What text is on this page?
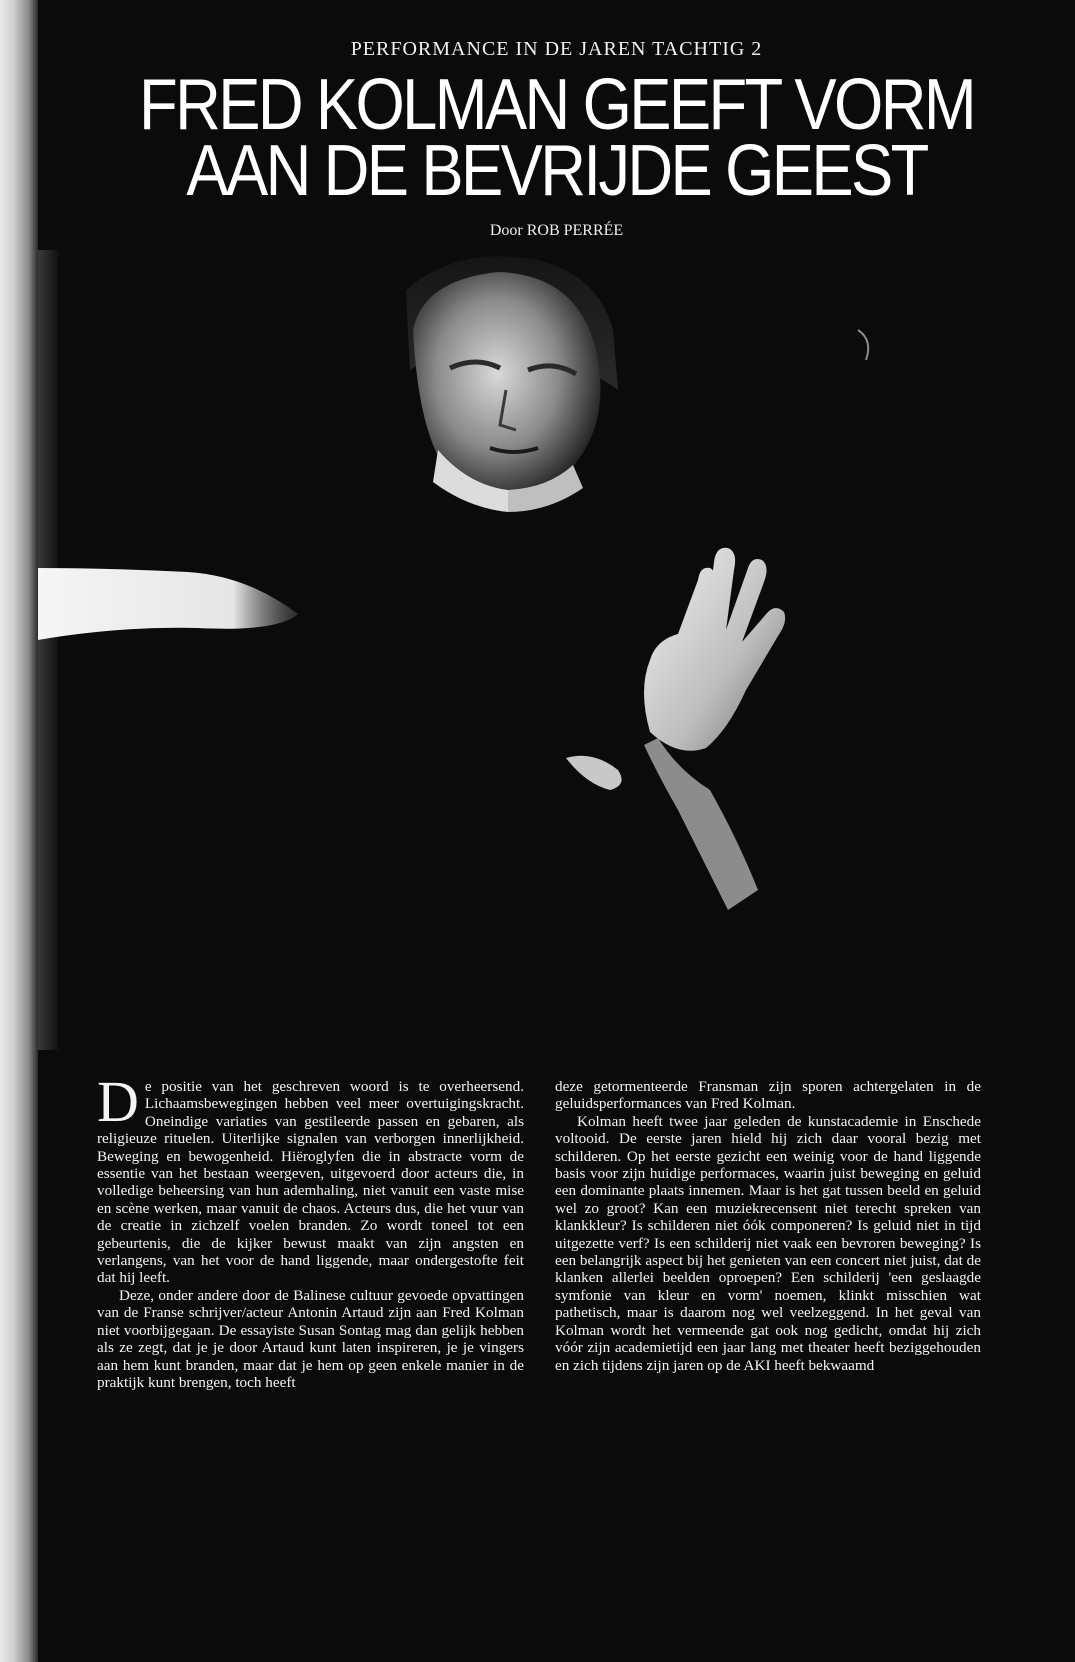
PERFORMANCE IN DE JAREN TACHTIG 2
FRED KOLMAN GEEFT VORM
AAN DE BEVRIJDE GEEST
Door ROB PERRÉE

De positie van het geschreven woord is te overheersend. Lichaamsbewegingen hebben veel meer overtuigingskracht. Oneindige variaties van gestileerde passen en gebaren, als religieuze rituelen. Uiterlijke signalen van verborgen innerlijkheid. Beweging en bewogenheid. Hiëroglyfen die in abstracte vorm de essentie van het bestaan weergeven, uitgevoerd door acteurs die, in volledige beheersing van hun ademhaling, niet vanuit een vaste mise en scène werken, maar vanuit de chaos. Acteurs dus, die het vuur van de creatie in zichzelf voelen branden. Zo wordt toneel tot een gebeurtenis, die de kijker bewust maakt van zijn angsten en verlangens, van het voor de hand liggende, maar ondergestofte feit dat hij leeft.

Deze, onder andere door de Balinese cultuur gevoede opvattingen van de Franse schrijver/acteur Antonin Artaud zijn aan Fred Kolman niet voorbijgegaan. De essayiste Susan Sontag mag dan gelijk hebben als ze zegt, dat je je door Artaud kunt laten inspireren, je je vingers aan hem kunt branden, maar dat je hem op geen enkele manier in de praktijk kunt brengen, toch heeft

deze getormenteerde Fransman zijn sporen achtergelaten in de geluidsperformances van Fred Kolman.

Kolman heeft twee jaar geleden de kunstacademie in Enschede voltooid. De eerste jaren hield hij zich daar vooral bezig met schilderen. Op het eerste gezicht een weinig voor de hand liggende basis voor zijn huidige performaces, waarin juist beweging en geluid een dominante plaats innemen. Maar is het gat tussen beeld en geluid wel zo groot? Kan een muziekrecensent niet terecht spreken van klankkleur? Is schilderen niet óók componeren? Is geluid niet in tijd uitgezette verf? Is een schilderij niet vaak een bevroren beweging? Is een belangrijk aspect bij het genieten van een concert niet juist, dat de klanken allerlei beelden oproepen? Een schilderij 'een geslaagde symfonie van kleur en vorm' noemen, klinkt misschien wat pathetisch, maar is daarom nog wel veelzeggend. In het geval van Kolman wordt het vermeende gat ook nog gedicht, omdat hij zich vóór zijn academietijd een jaar lang met theater heeft beziggehouden en zich tijdens zijn jaren op de AKI heeft bekwaamd
